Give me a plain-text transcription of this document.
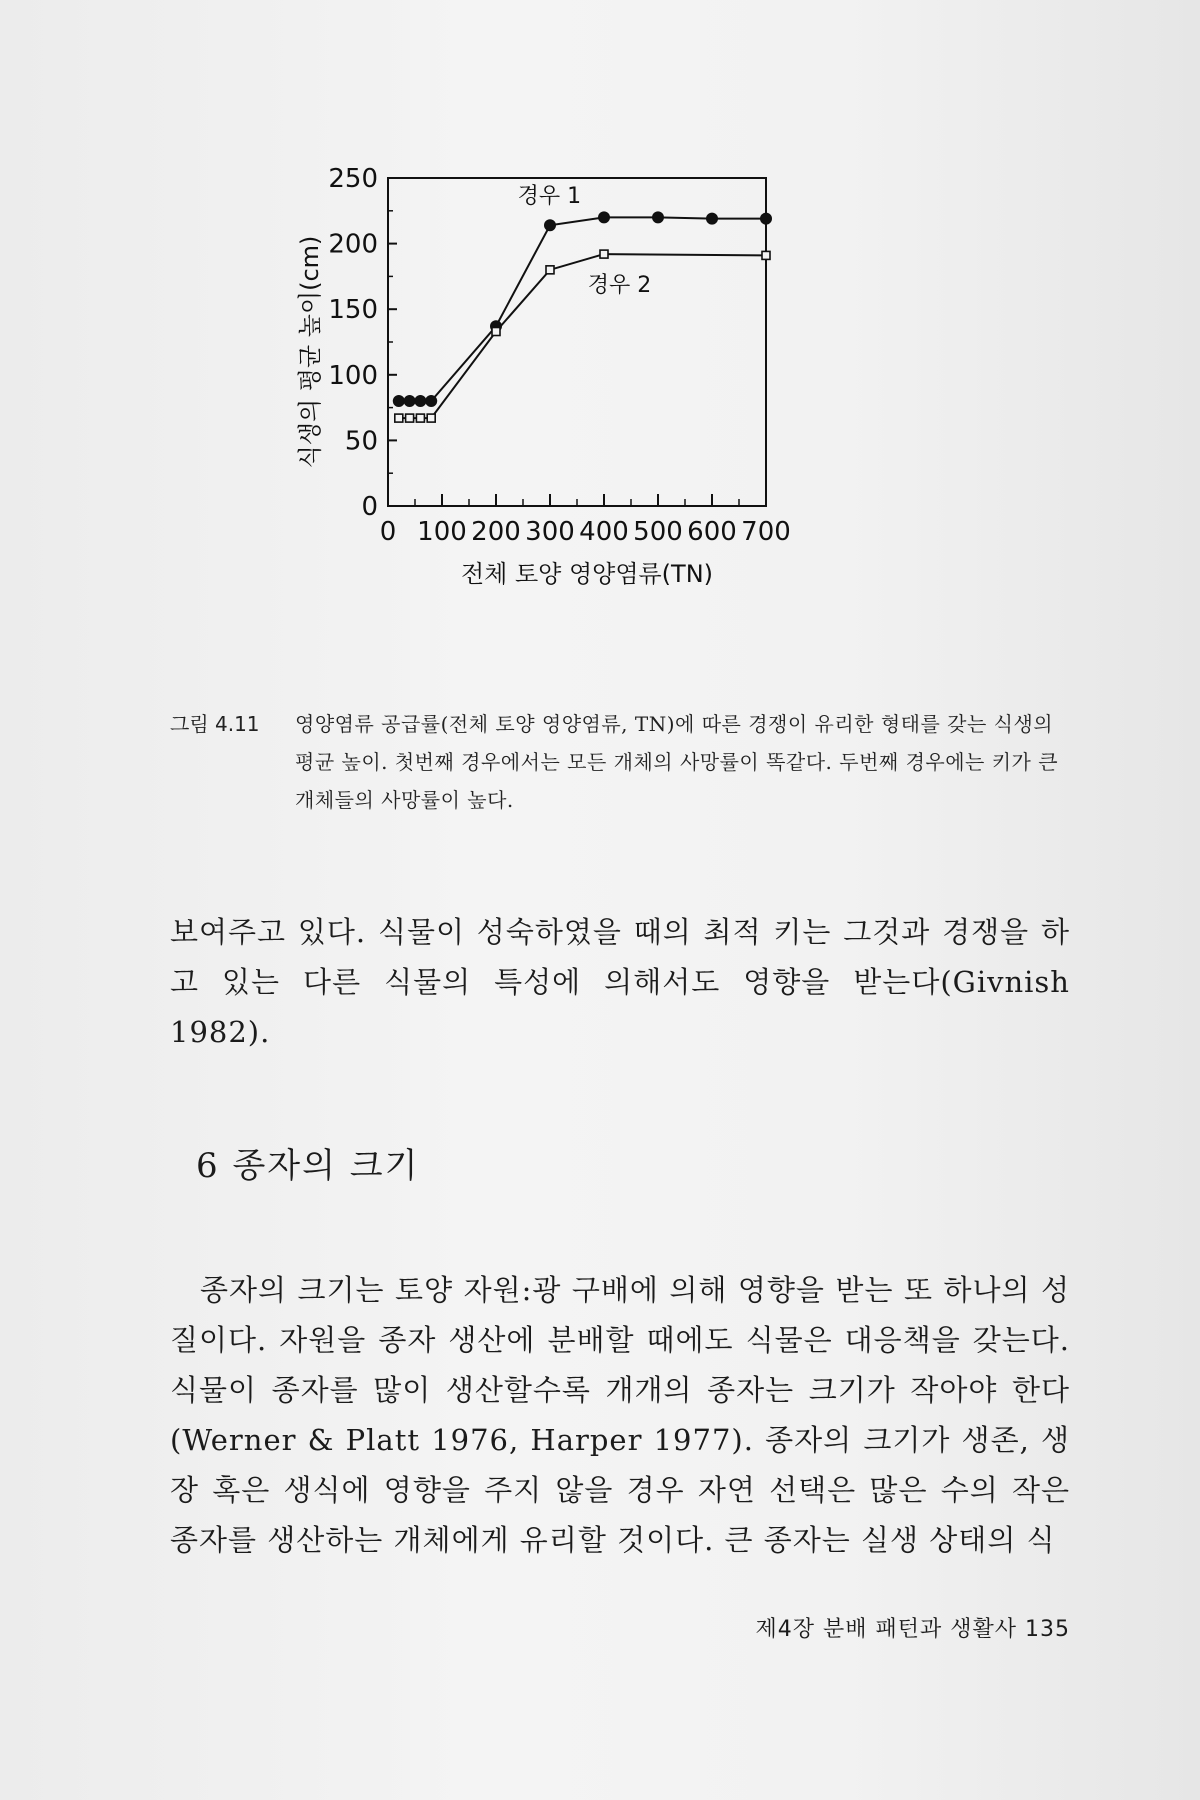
0
50
100
150
200
250
0 100 200 300 400 500 600 700
전체 토양 영양염류(TN)
식생의 평균 높이(cm)
경우 1
경우 2
그림 4.11 영양염류 공급률(전체 토양 영양염류, TN)에 따른 경쟁이 유리한 형태를 갖는 식생의 평균 높이. 첫번째 경우에서는 모든 개체의 사망률이 똑같다. 두번째 경우에는 키가 큰 개체들의 사망률이 높다.

보여주고 있다. 식물이 성숙하였을 때의 최적 키는 그것과 경쟁을 하고 있는 다른 식물의 특성에 의해서도 영향을 받는다(Givnish 1982).

6 종자의 크기

종자의 크기는 토양 자원:광 구배에 의해 영향을 받는 또 하나의 성질이다. 자원을 종자 생산에 분배할 때에도 식물은 대응책을 갖는다. 식물이 종자를 많이 생산할수록 개개의 종자는 크기가 작아야 한다(Werner & Platt 1976, Harper 1977). 종자의 크기가 생존, 생장 혹은 생식에 영향을 주지 않을 경우 자연 선택은 많은 수의 작은 종자를 생산하는 개체에게 유리할 것이다. 큰 종자는 실생 상태의 식

제4장 분배 패턴과 생활사 135
